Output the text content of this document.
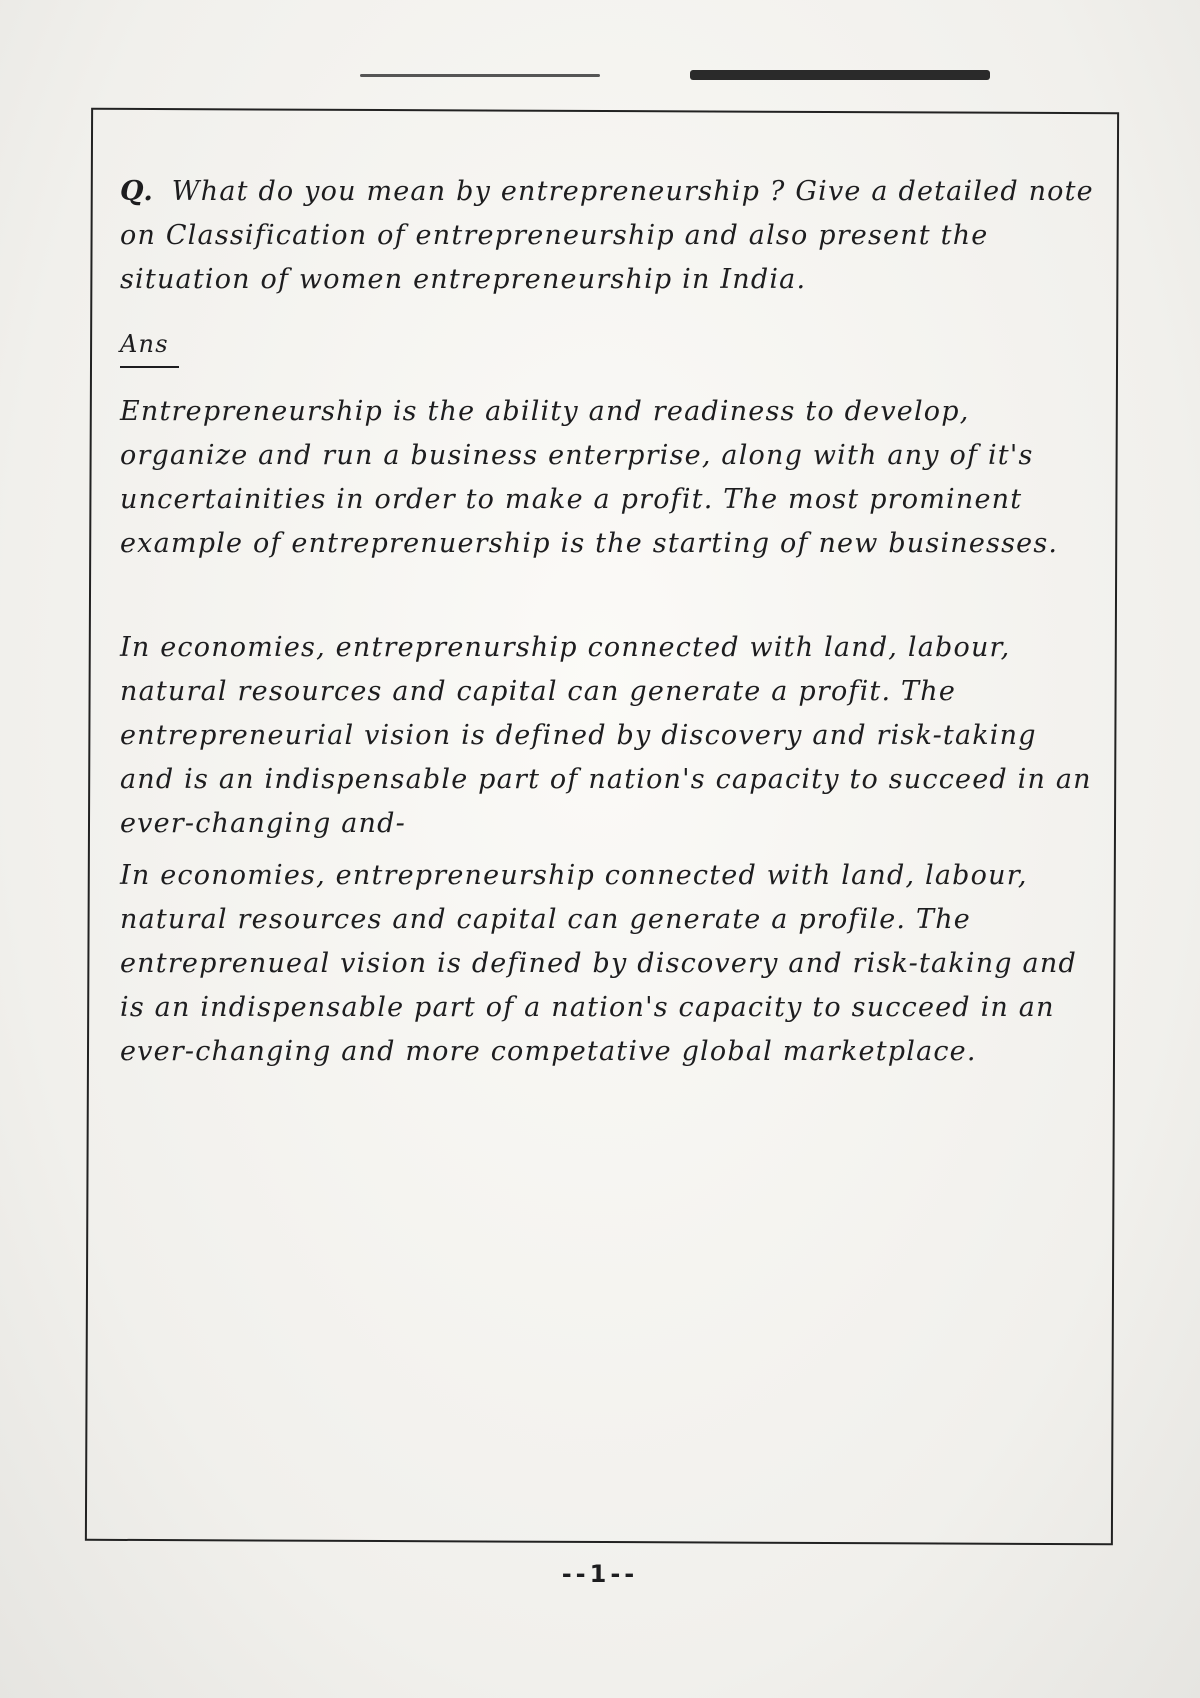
Q. What do you mean by entrepreneurship ? Give a detailed note on Classification of entrepreneurship and also present the situation of women entrepreneurship in India.

Ans

Entrepreneurship is the ability and readiness to develop, organize and run a business enterprise, along with any of it's uncertainities in order to make a profit. The most prominent example of entreprenuership is the starting of new businesses.

In economies, entreprenurship connected with land, labour, natural resources and capital can generate a profit. The entrepreneurial vision is defined by discovery and risk-taking and is an indispensable part of nation's capacity to succeed in an ever-changing and-

In economies, entrepreneurship connected with land, labour, natural resources and capital can generate a profile. The entreprenueal vision is defined by discovery and risk-taking and is an indispensable part of a nation's capacity to succeed in an ever-changing and more competative global marketplace.

--1--
